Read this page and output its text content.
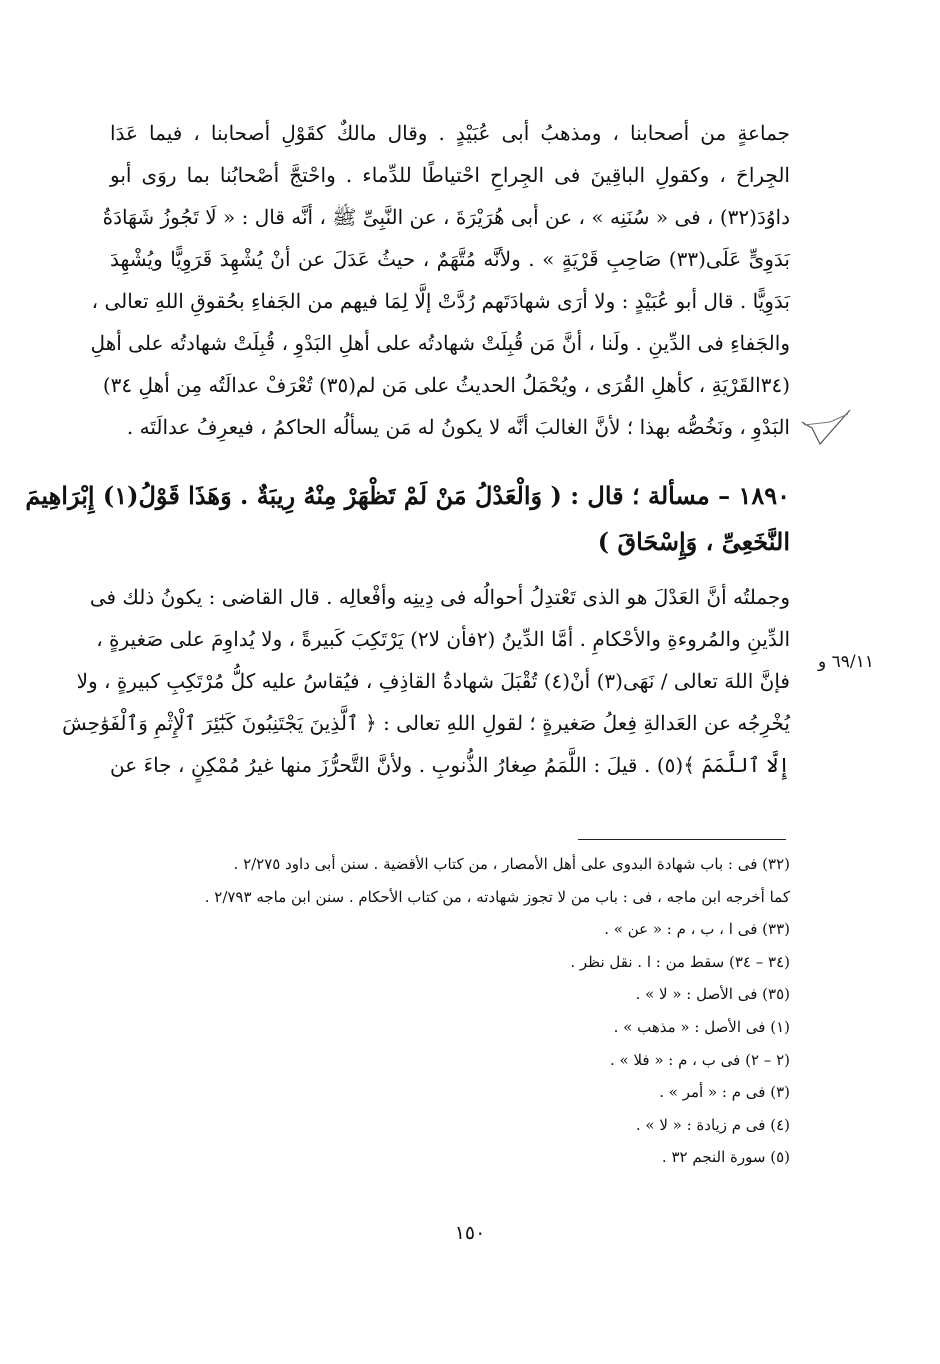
جماعةٍ من أصحابنا ، ومذهبُ أبى عُبَيْدٍ . وقال مالكٌ كقَوْلِ أصحابنا ، فيما عَدَا
الجِراحَ ، وكقولِ الباقِينَ فى الجِراحِ احْتياطًا للدِّماء . واحْتجَّ أصْحابُنا بما روَى أبو
داوُدَ(٣٢) ، فى « سُنَنِه » ، عن أبى هُرَيْرَةَ ، عن النَّبِىِّ ﷺ ، أنَّه قال : « لَا تَجُوزُ شَهَادَةُ
بَدَوِىٍّ عَلَى(٣٣) صَاحِبِ قَرْيَةٍ » . ولأنَّه مُتَّهَمٌ ، حيثُ عَدَلَ عن أنْ يُشْهِدَ قَرَوِيًّا ويُشْهِدَ
بَدَوِيًّا . قال أبو عُبَيْدٍ : ولا أرَى شهادَتَهم رُدَّتْ إلَّا لِمَا فيهم من الجَفاءِ بحُقوقِ اللهِ تعالى ،
والجَفاءِ فى الدِّينِ . ولَنا ، أنَّ مَن قُبِلَتْ شهادتُه على أهلِ البَدْوِ ، قُبِلَتْ شهادتُه على أهلِ
(٣٤القَرْيَةِ ، كأهلِ القُرَى ، ويُحْمَلُ الحديثُ على مَن لم(٣٥) تُعْرَفْ عدالَتُه مِن أهلِ ٣٤)
البَدْوِ ، ونَخُصُّه بهذا ؛ لأنَّ الغالبَ أنَّه لا يكونُ له مَن يسألُه الحاكمُ ، فيعرِفُ عدالَتَه .
١٨٩٠ – مسألة ؛ قال : ( وَالْعَدْلُ مَنْ لَمْ تَظْهَرْ مِنْهُ رِيبَةٌ . وَهَذَا قَوْلُ(١) إِبْرَاهِيمَ
النَّخَعِىِّ ، وَإِسْحَاقَ )
وجملتُه أنَّ العَدْلَ هو الذى تَعْتدِلُ أحوالُه فى دِينِه وأفْعالِه . قال القاضى : يكونُ ذلك فى
الدِّينِ والمُروءةِ والأحْكامِ . أمَّا الدِّينُ (٢فأن لا٢) يَرْتَكِبَ كَبيرةً ، ولا يُداوِمَ على صَغيرةٍ ،
فإنَّ اللهَ تعالى / نَهَى(٣) أنْ(٤) تُقْبَلَ شهادةُ القاذِفِ ، فيُقاسُ عليه كلُّ مُرْتَكِبِ كبيرةٍ ، ولا
يُخْرِجُه عن العَدالةِ فِعلُ صَغيرةٍ ؛ لقولِ اللهِ تعالى : ﴿ ٱلَّذِينَ يَجْتَنِبُونَ كَبَٰٓئِرَ ٱلْإِثْمِ وَٱلْفَوَٰحِشَ
إِلَّا ٱللَّمَمَ ﴾(٥) . قيلَ : اللَّمَمُ صِغارُ الذُّنوبِ . ولأنَّ التَّحرُّزَ منها غيرُ مُمْكِنٍ ، جاءَ عن
٦٩/١١ و
(٣٢) فى : باب شهادة البدوى على أهل الأمصار ، من كتاب الأقضية . سنن أبى داود ٢/٢٧٥ .
كما أخرجه ابن ماجه ، فى : باب من لا تجوز شهادته ، من كتاب الأحكام . سنن ابن ماجه ٢/٧٩٣ .
(٣٣) فى ا ، ب ، م : « عن » .
(٣٤ – ٣٤) سقط من : ا . نقل نظر .
(٣٥) فى الأصل : « لا » .
(١) فى الأصل : « مذهب » .
(٢ – ٢) فى ب ، م : « فلا » .
(٣) فى م : « أمر » .
(٤) فى م زيادة : « لا » .
(٥) سورة النجم ٣٢ .
١٥٠
